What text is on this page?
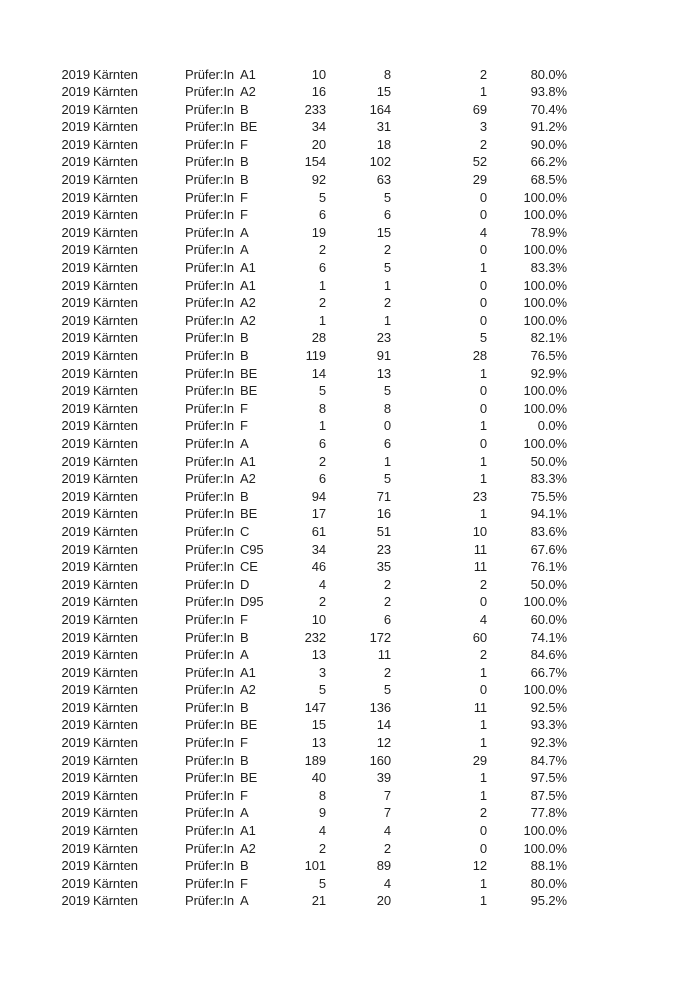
2019 Kärnten	Prüfer:In A1	10	8	2	80.0%
2019 Kärnten	Prüfer:In A2	16	15	1	93.8%
2019 Kärnten	Prüfer:In B	233	164	69	70.4%
2019 Kärnten	Prüfer:In BE	34	31	3	91.2%
2019 Kärnten	Prüfer:In F	20	18	2	90.0%
2019 Kärnten	Prüfer:In B	154	102	52	66.2%
2019 Kärnten	Prüfer:In B	92	63	29	68.5%
2019 Kärnten	Prüfer:In F	5	5	0	100.0%
2019 Kärnten	Prüfer:In F	6	6	0	100.0%
2019 Kärnten	Prüfer:In A	19	15	4	78.9%
2019 Kärnten	Prüfer:In A	2	2	0	100.0%
2019 Kärnten	Prüfer:In A1	6	5	1	83.3%
2019 Kärnten	Prüfer:In A1	1	1	0	100.0%
2019 Kärnten	Prüfer:In A2	2	2	0	100.0%
2019 Kärnten	Prüfer:In A2	1	1	0	100.0%
2019 Kärnten	Prüfer:In B	28	23	5	82.1%
2019 Kärnten	Prüfer:In B	119	91	28	76.5%
2019 Kärnten	Prüfer:In BE	14	13	1	92.9%
2019 Kärnten	Prüfer:In BE	5	5	0	100.0%
2019 Kärnten	Prüfer:In F	8	8	0	100.0%
2019 Kärnten	Prüfer:In F	1	0	1	0.0%
2019 Kärnten	Prüfer:In A	6	6	0	100.0%
2019 Kärnten	Prüfer:In A1	2	1	1	50.0%
2019 Kärnten	Prüfer:In A2	6	5	1	83.3%
2019 Kärnten	Prüfer:In B	94	71	23	75.5%
2019 Kärnten	Prüfer:In BE	17	16	1	94.1%
2019 Kärnten	Prüfer:In C	61	51	10	83.6%
2019 Kärnten	Prüfer:In C95	34	23	11	67.6%
2019 Kärnten	Prüfer:In CE	46	35	11	76.1%
2019 Kärnten	Prüfer:In D	4	2	2	50.0%
2019 Kärnten	Prüfer:In D95	2	2	0	100.0%
2019 Kärnten	Prüfer:In F	10	6	4	60.0%
2019 Kärnten	Prüfer:In B	232	172	60	74.1%
2019 Kärnten	Prüfer:In A	13	11	2	84.6%
2019 Kärnten	Prüfer:In A1	3	2	1	66.7%
2019 Kärnten	Prüfer:In A2	5	5	0	100.0%
2019 Kärnten	Prüfer:In B	147	136	11	92.5%
2019 Kärnten	Prüfer:In BE	15	14	1	93.3%
2019 Kärnten	Prüfer:In F	13	12	1	92.3%
2019 Kärnten	Prüfer:In B	189	160	29	84.7%
2019 Kärnten	Prüfer:In BE	40	39	1	97.5%
2019 Kärnten	Prüfer:In F	8	7	1	87.5%
2019 Kärnten	Prüfer:In A	9	7	2	77.8%
2019 Kärnten	Prüfer:In A1	4	4	0	100.0%
2019 Kärnten	Prüfer:In A2	2	2	0	100.0%
2019 Kärnten	Prüfer:In B	101	89	12	88.1%
2019 Kärnten	Prüfer:In F	5	4	1	80.0%
2019 Kärnten	Prüfer:In A	21	20	1	95.2%
